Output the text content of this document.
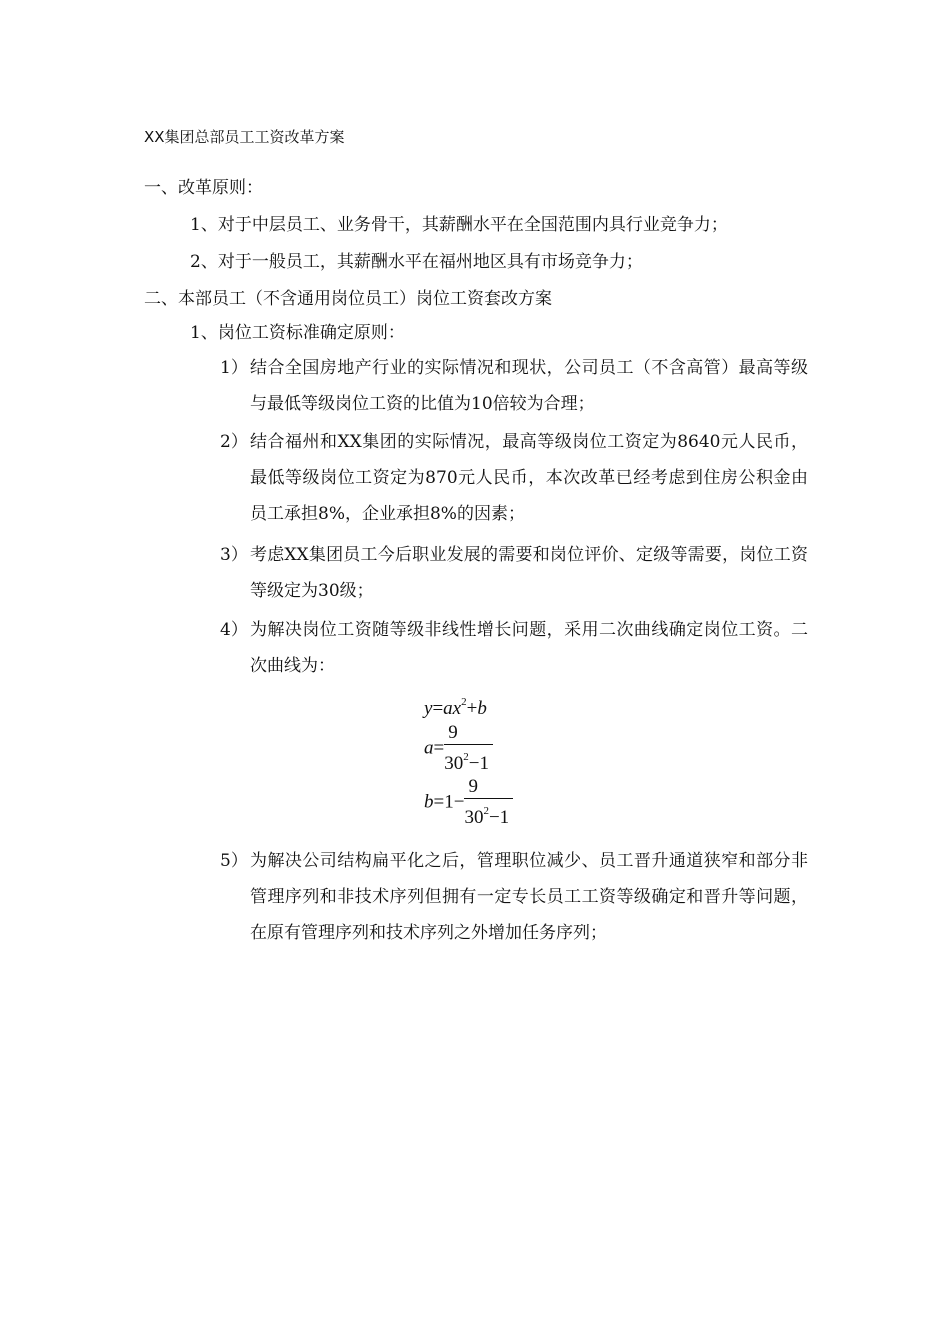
XX集团总部员工工资改革方案
一、改革原则：
1、对于中层员工、业务骨干，其薪酬水平在全国范围内具行业竞争力；
2、对于一般员工，其薪酬水平在福州地区具有市场竞争力；
二、本部员工（不含通用岗位员工）岗位工资套改方案
1、岗位工资标准确定原则：
1） 结合全国房地产行业的实际情况和现状，公司员工（不含高管）最高等级与最低等级岗位工资的比值为10倍较为合理；
2） 结合福州和XX集团的实际情况，最高等级岗位工资定为8640元人民币，最低等级岗位工资定为870元人民币，本次改革已经考虑到住房公积金由员工承担8%，企业承担8%的因素；
3） 考虑XX集团员工今后职业发展的需要和岗位评价、定级等需要，岗位工资等级定为30级；
4） 为解决岗位工资随等级非线性增长问题，采用二次曲线确定岗位工资。二次曲线为：
$y=ax^2+b$
$a= \frac{9}{30^2-1}$
$b=1- \frac{9}{30^2-1}$
5） 为解决公司结构扁平化之后，管理职位减少、员工晋升通道狭窄和部分非管理序列和非技术序列但拥有一定专长员工工资等级确定和晋升等问题，在原有管理序列和技术序列之外增加任务序列；
